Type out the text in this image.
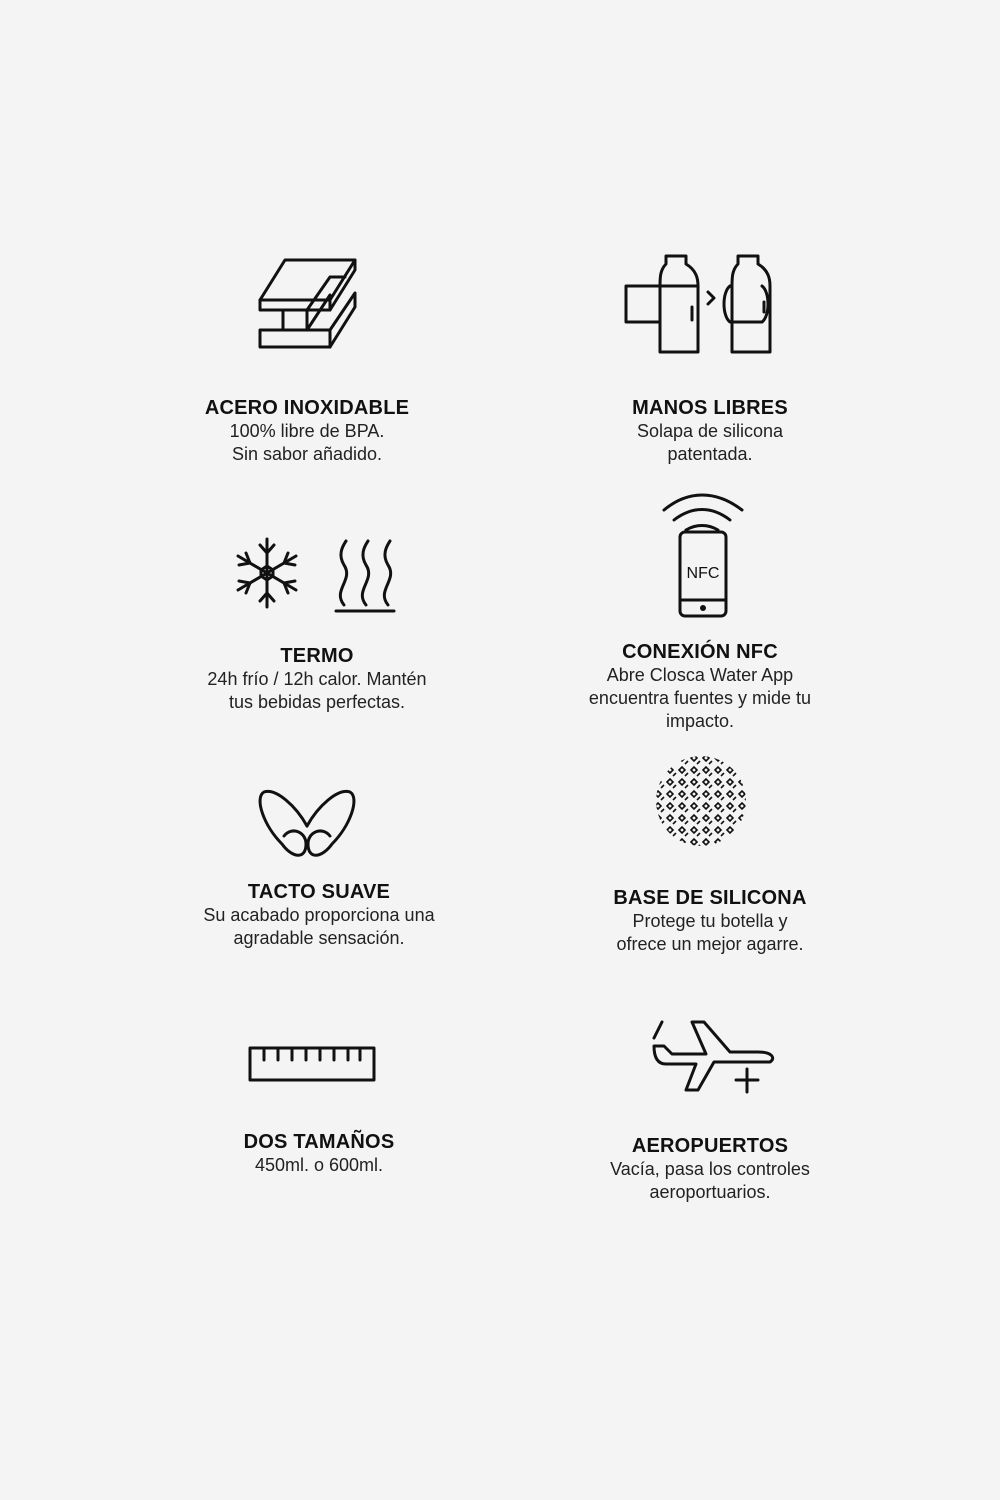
ACERO INOXIDABLE
100% libre de BPA.
Sin sabor añadido.
MANOS LIBRES
Solapa de silicona
patentada.
TERMO
24h frío / 12h calor. Mantén
tus bebidas perfectas.
NFC
CONEXIÓN NFC
Abre Closca Water App
encuentra fuentes y mide tu
impacto.
TACTO SUAVE
Su acabado proporciona una
agradable sensación.
BASE DE SILICONA
Protege tu botella y
ofrece un mejor agarre.
DOS TAMAÑOS
450ml. o 600ml.
AEROPUERTOS
Vacía, pasa los controles
aeroportuarios.
